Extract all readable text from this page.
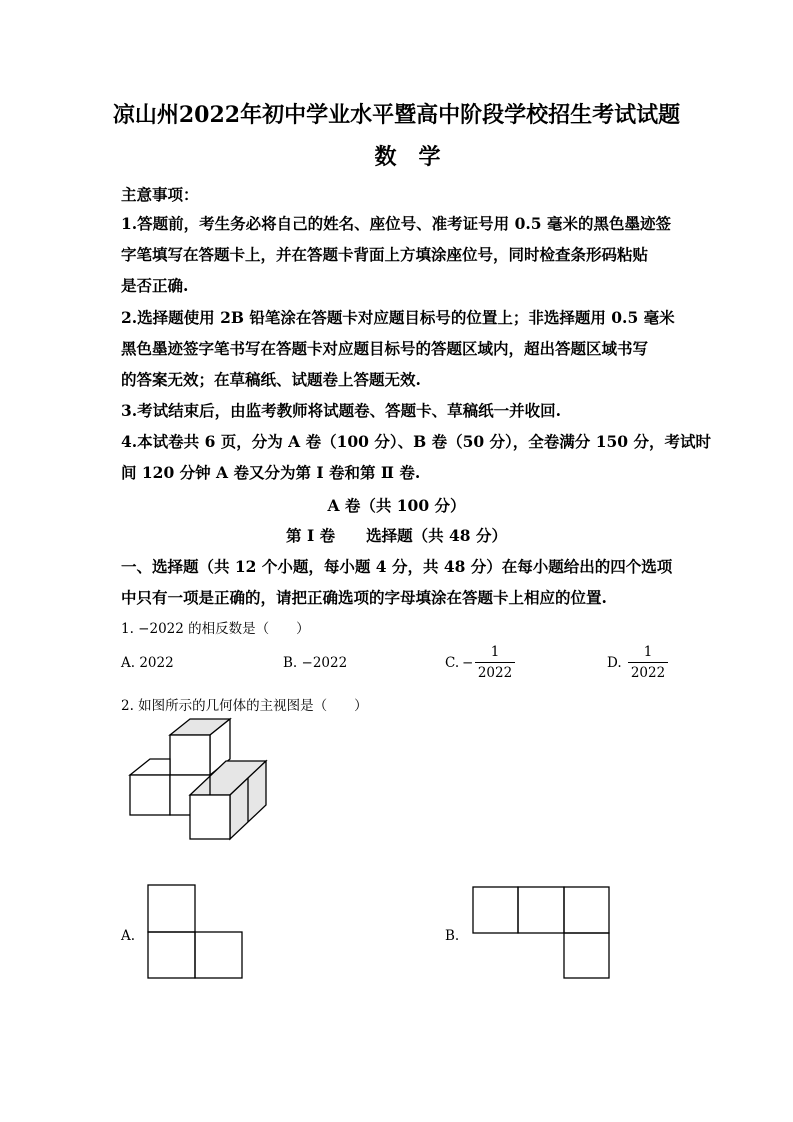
凉山州2022年初中学业水平暨高中阶段学校招生考试试题
数学
主意事项：
1.答题前，考生务必将自己的姓名、座位号、准考证号用 0.5 毫米的黑色墨迹签
字笔填写在答题卡上，并在答题卡背面上方填涂座位号，同时检查条形码粘贴
是否正确.
2.选择题使用 2B 铅笔涂在答题卡对应题目标号的位置上；非选择题用 0.5 毫米
黑色墨迹签字笔书写在答题卡对应题目标号的答题区域内，超出答题区域书写
的答案无效；在草稿纸、试题卷上答题无效.
3.考试结束后，由监考教师将试题卷、答题卡、草稿纸一并收回.
4.本试卷共 6 页，分为 A 卷（100 分）、B 卷（50 分），全卷满分 150 分，考试时
间 120 分钟 A 卷又分为第 I 卷和第 Ⅱ 卷.
A 卷（共 100 分）
第 I 卷　　选择题（共 48 分）
一、选择题（共 12 个小题，每小题 4 分，共 48 分）在每小题给出的四个选项
中只有一项是正确的，请把正确选项的字母填涂在答题卡上相应的位置.
1. −2022 的相反数是（　　）
A. 2022	B. −2022	C. −
1
2022
D.
1
2022
2. 如图所示的几何体的主视图是（　　）
A.	B.
